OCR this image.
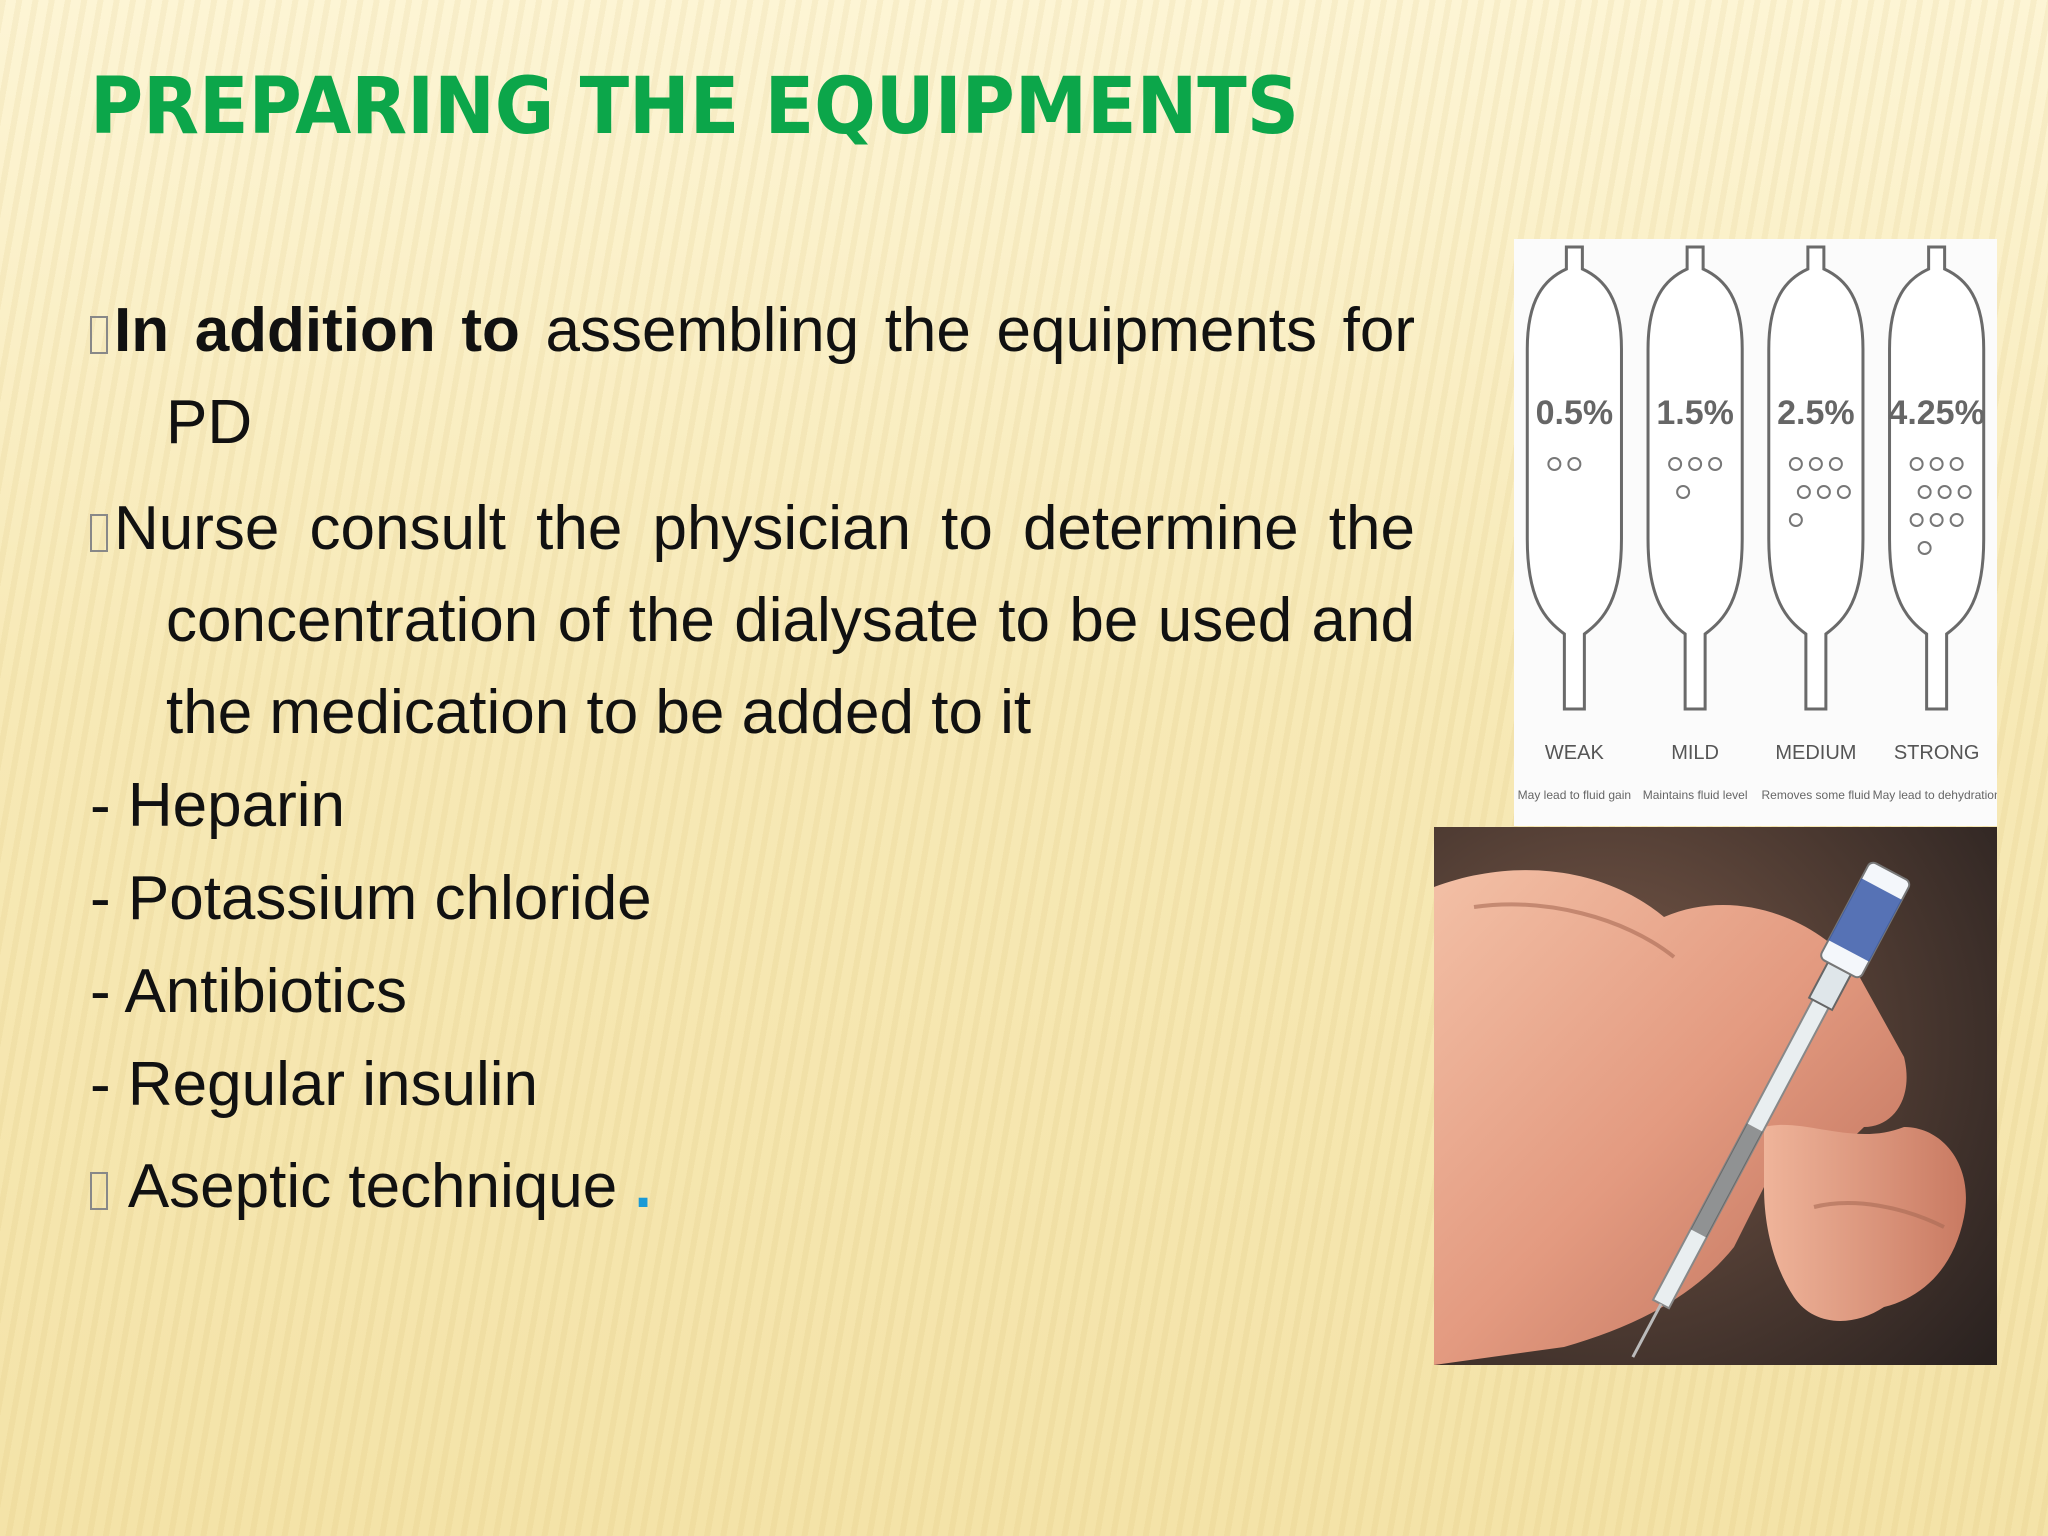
PREPARING THE EQUIPMENTS

In addition to assembling the equipments for PD

Nurse consult the physician to determine the concentration of the dialysate to be used and the medication to be added to it

- Heparin

- Potassium chloride

- Antibiotics

- Regular insulin

Aseptic technique .

0.5%
WEAK
May lead to fluid gain
1.5%
MILD
Maintains fluid level
2.5%
MEDIUM
Removes some fluid
4.25%
STRONG
May lead to dehydration
